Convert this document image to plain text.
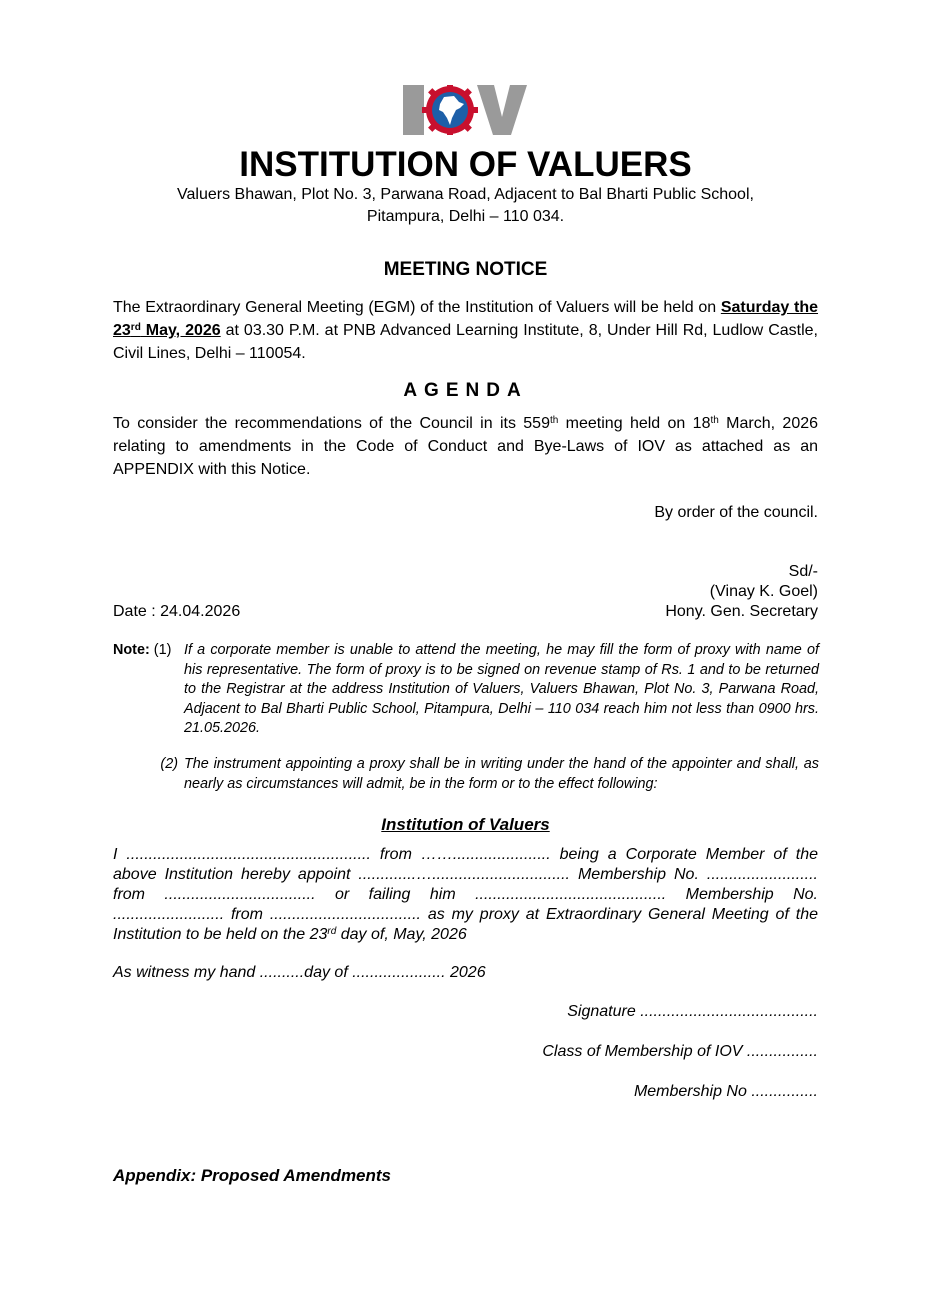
INSTITUTION OF VALUERS
Valuers Bhawan, Plot No. 3, Parwana Road, Adjacent to Bal Bharti Public School,
Pitampura, Delhi – 110 034.
MEETING NOTICE

The Extraordinary General Meeting (EGM) of the Institution of Valuers will be held on Saturday the 23rd May, 2026 at 03.30 P.M. at PNB Advanced Learning Institute, 8, Under Hill Rd, Ludlow Castle, Civil Lines, Delhi – 110054.

AGENDA

To consider the recommendations of the Council in its 559th meeting held on 18th March, 2026 relating to amendments in the Code of Conduct and Bye-Laws of IOV as attached as an APPENDIX with this Notice.

By order of the council.
Sd/-
(Vinay K. Goel)
Hony. Gen. Secretary
Date : 24.04.2026
Note: (1) If a corporate member is unable to attend the meeting, he may fill the form of proxy with name of his representative. The form of proxy is to be signed on revenue stamp of Rs. 1 and to be returned to the Registrar at the address Institution of Valuers, Valuers Bhawan, Plot No. 3, Parwana Road, Adjacent to Bal Bharti Public School, Pitampura, Delhi – 110 034 reach him not less than 0900 hrs. 21.05.2026.
(2) The instrument appointing a proxy shall be in writing under the hand of the appointer and shall, as nearly as circumstances will admit, be in the form or to the effect following:
Institution of Valuers
I ....................................................... from ……...................... being a Corporate Member of the above Institution hereby appoint .............…............................... Membership No. ......................... from .................................. or failing him ........................................... Membership No. ......................... from .................................. as my proxy at Extraordinary General Meeting of the Institution to be held on the 23rd day of, May, 2026
As witness my hand ..........day of ..................... 2026
Signature ........................................
Class of Membership of IOV ................
Membership No ...............
Appendix: Proposed Amendments
